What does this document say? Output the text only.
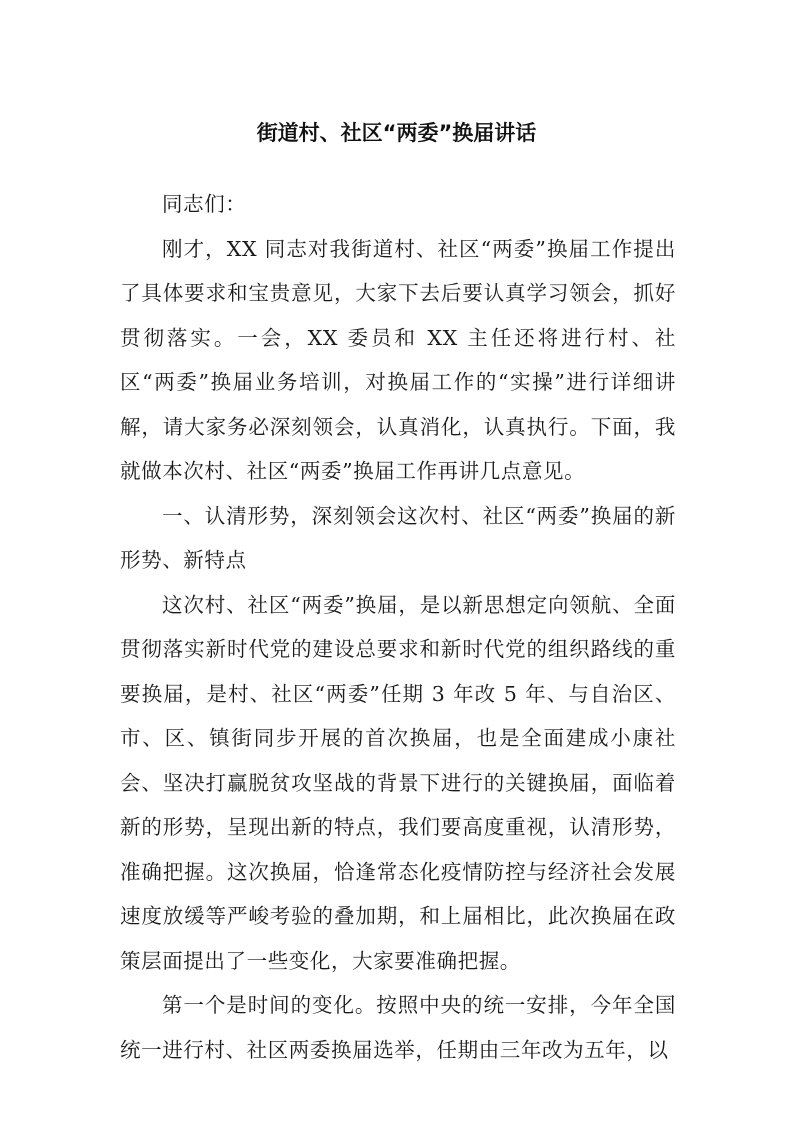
街道村、社区“两委”换届讲话

同志们：

刚才，XX 同志对我街道村、社区“两委”换届工作提出了具体要求和宝贵意见，大家下去后要认真学习领会，抓好贯彻落实。一会，XX 委员和 XX 主任还将进行村、社区“两委”换届业务培训，对换届工作的“实操”进行详细讲解，请大家务必深刻领会，认真消化，认真执行。下面，我就做本次村、社区“两委”换届工作再讲几点意见。

一、认清形势，深刻领会这次村、社区“两委”换届的新形势、新特点

这次村、社区“两委”换届，是以新思想定向领航、全面贯彻落实新时代党的建设总要求和新时代党的组织路线的重要换届，是村、社区“两委”任期 3 年改 5 年、与自治区、市、区、镇街同步开展的首次换届，也是全面建成小康社会、坚决打赢脱贫攻坚战的背景下进行的关键换届，面临着新的形势，呈现出新的特点，我们要高度重视，认清形势，准确把握。这次换届，恰逢常态化疫情防控与经济社会发展速度放缓等严峻考验的叠加期，和上届相比，此次换届在政策层面提出了一些变化，大家要准确把握。

第一个是时间的变化。按照中央的统一安排，今年全国统一进行村、社区两委换届选举，任期由三年改为五年，以
